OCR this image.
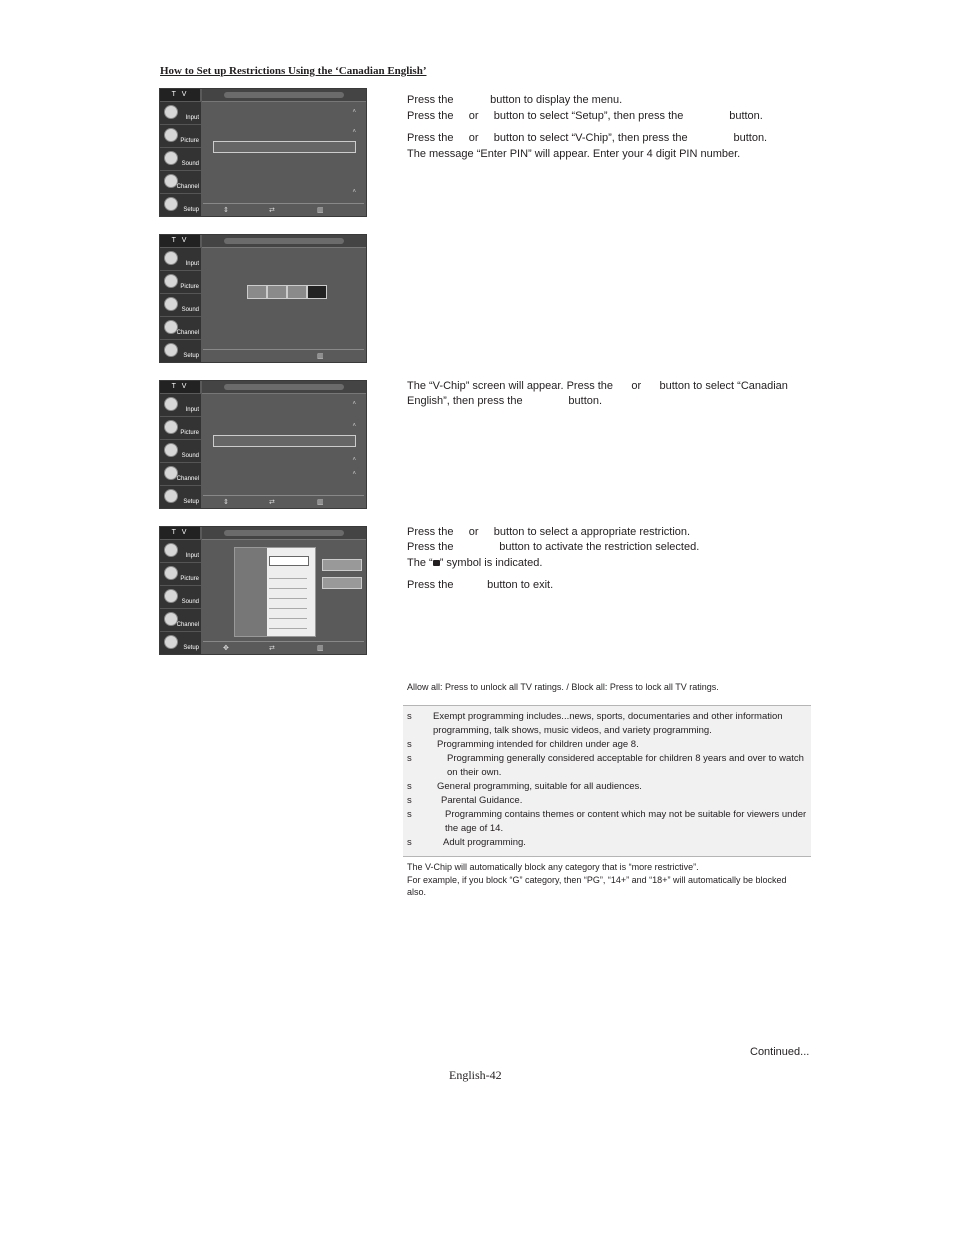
How to Set up Restrictions Using the ‘Canadian English’
T V
Input
Picture
Sound
Channel
Setup
˄
˄
˄
⇕	⇄	▥
T V
Input
Picture
Sound
Channel
Setup	▥
T V
Input
Picture
Sound
Channel
Setup
˄
˄
˄
˄
⇕	⇄	▥
T V
Input
Picture
Sound
Channel
Setup	✥	⇄	▥
Press the            button to display the menu.
Press the     or     button to select “Setup”, then press the               button.
Press the     or     button to select “V-Chip”, then press the               button.
The message “Enter PIN” will appear. Enter your 4 digit PIN number.
The “V-Chip” screen will appear. Press the      or      button to select “Canadian
English”, then press the               button.
Press the     or     button to select a appropriate restriction.
Press the               button to activate the restriction selected.
The “ ” symbol is indicated.
Press the           button to exit.
Allow all: Press to unlock all TV ratings. / Block all: Press to lock all TV ratings.
s	Exempt programming includes...news, sports, documentaries and other information programming, talk shows, music videos, and variety programming.
s	Programming intended for children under age 8.
s	Programming generally considered acceptable for children 8 years and over to watch on their own.
s	General programming, suitable for all audiences.
s	Parental Guidance.
s	Programming contains themes or content which may not be suitable for viewers under the age of 14.
s	Adult programming.
The V-Chip will automatically block any category that is “more restrictive”.
For example, if you block “G” category, then “PG”, “14+” and “18+” will automatically be blocked also.
Continued...
English-42
